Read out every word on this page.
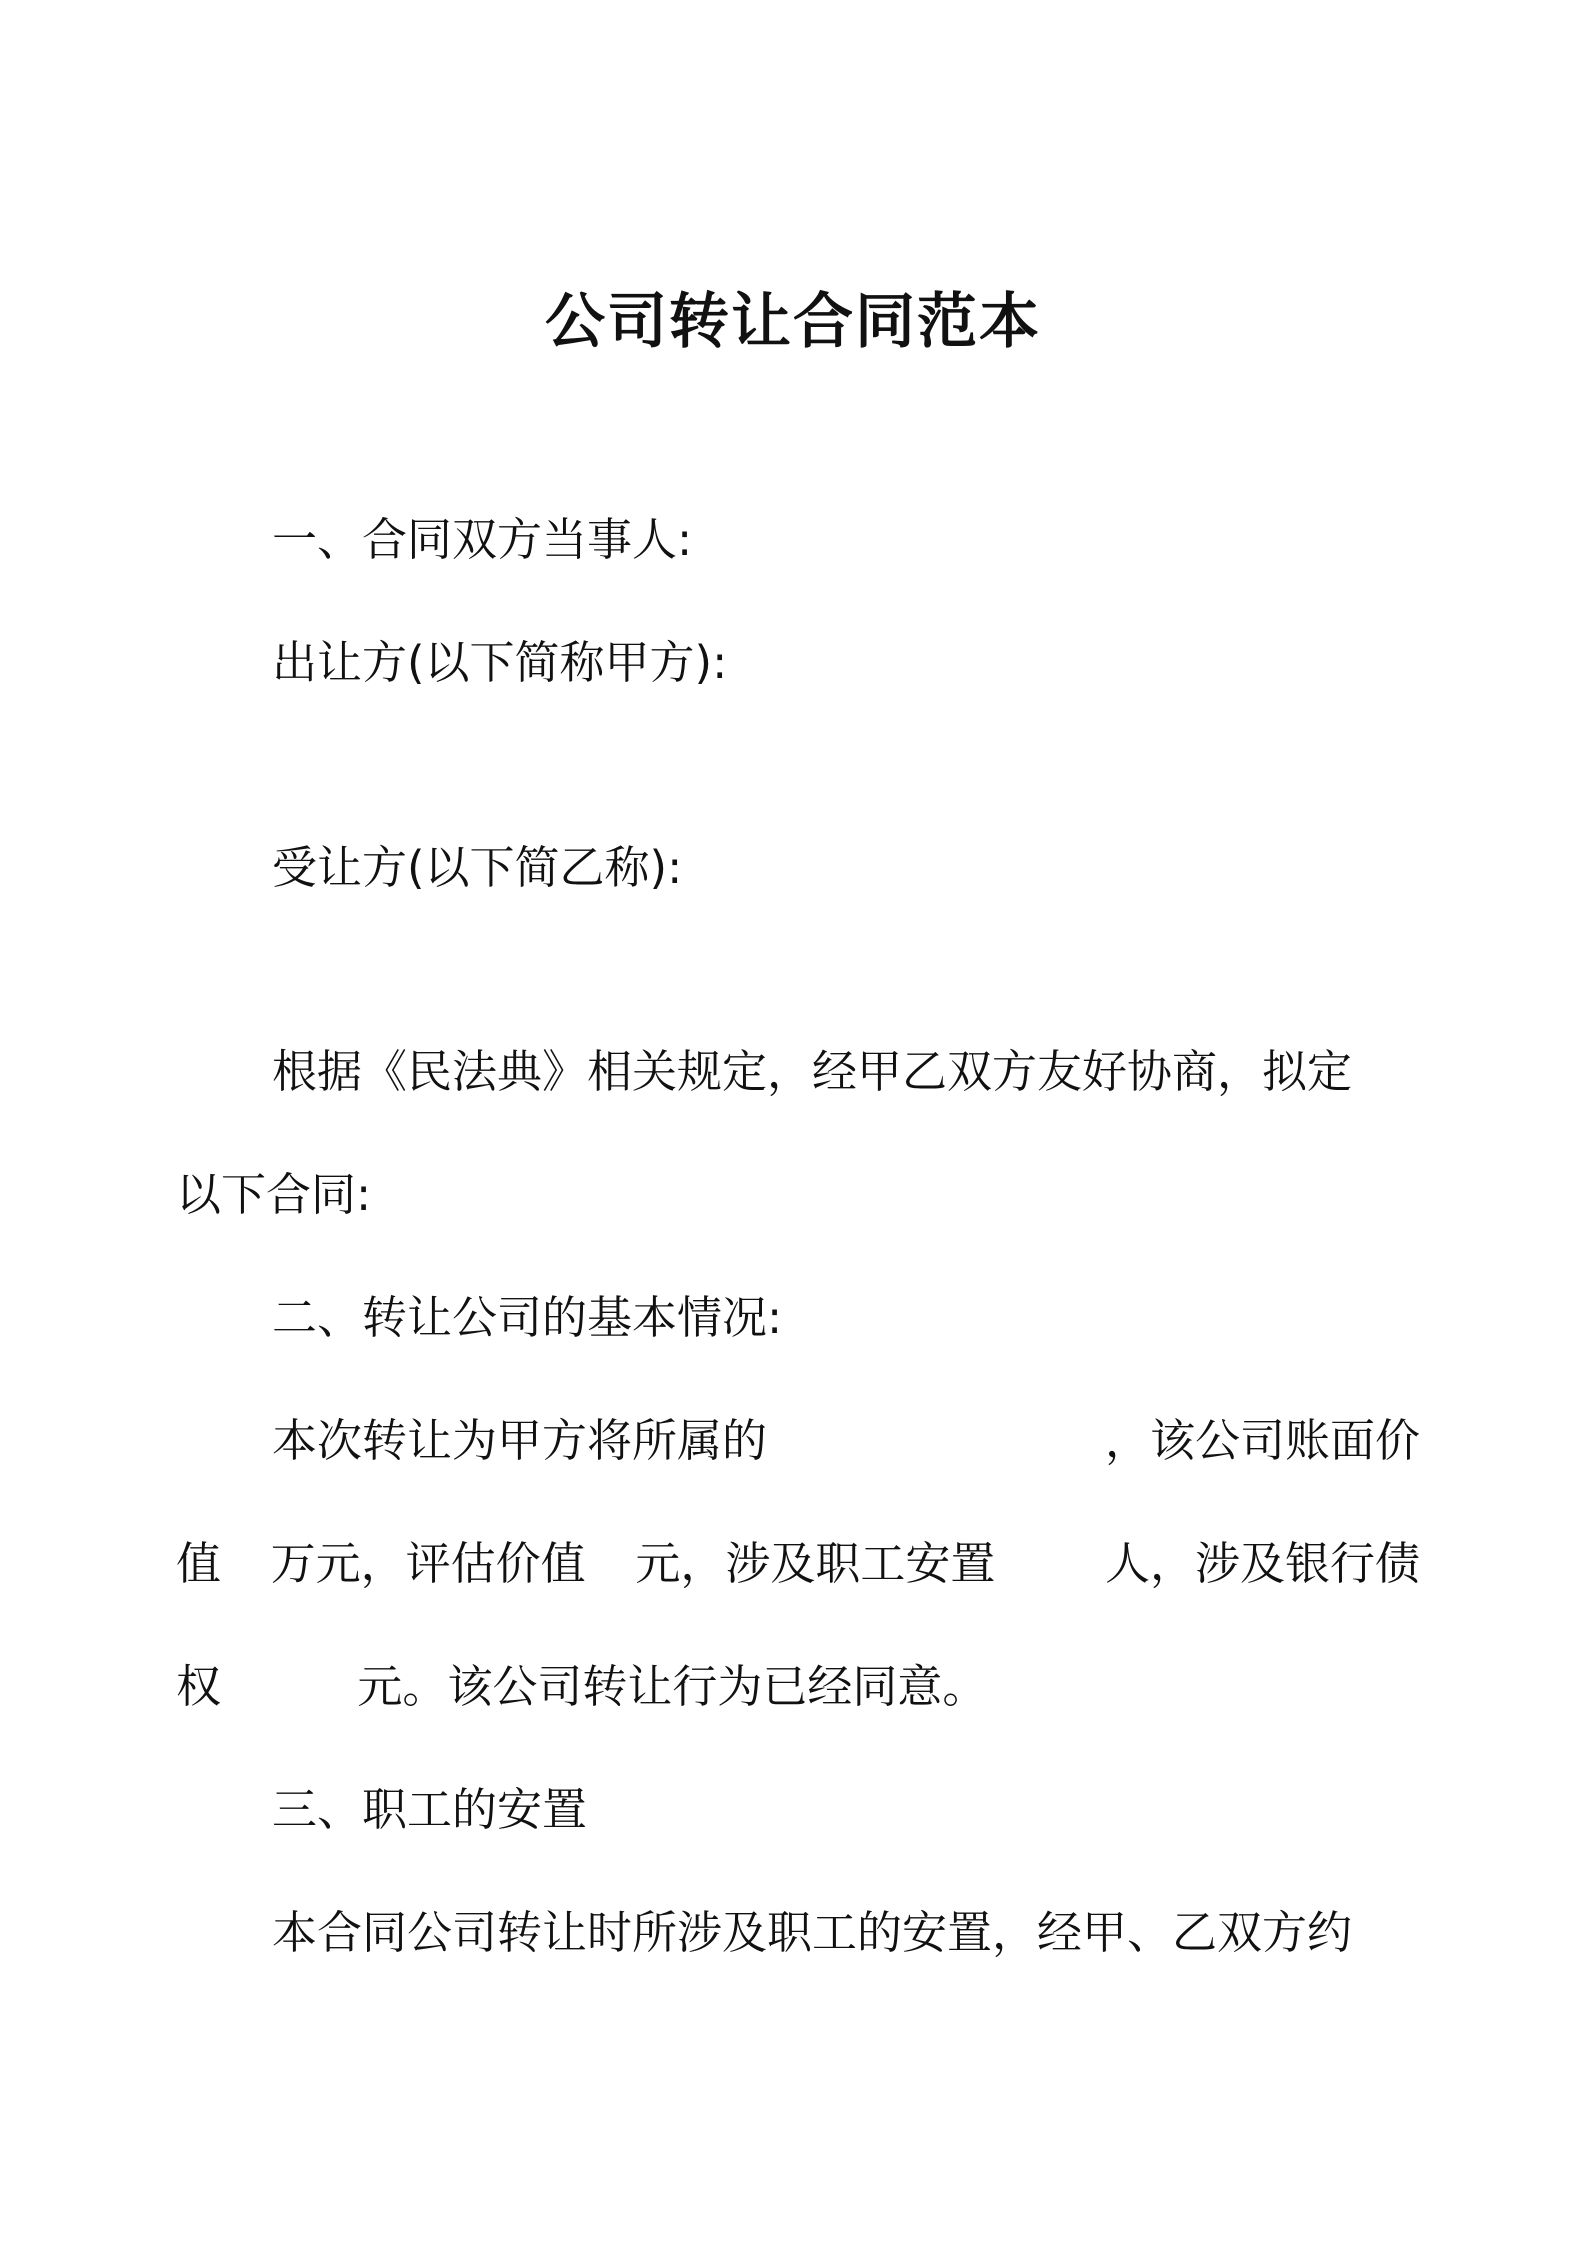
公司转让合同范本
一、合同双方当事人:
出让方(以下简称甲方):
受让方(以下简乙称):
根据《民法典》相关规定，经甲乙双方友好协商，拟定
以下合同:
二、转让公司的基本情况:
本次转让为甲方将所属的	，该公司账面价
值 万元，评估价值 元，涉及职工安置 人，涉及银行债
权	元。该公司转让行为已经同意。
三、职工的安置
本合同公司转让时所涉及职工的安置，经甲、乙双方约
